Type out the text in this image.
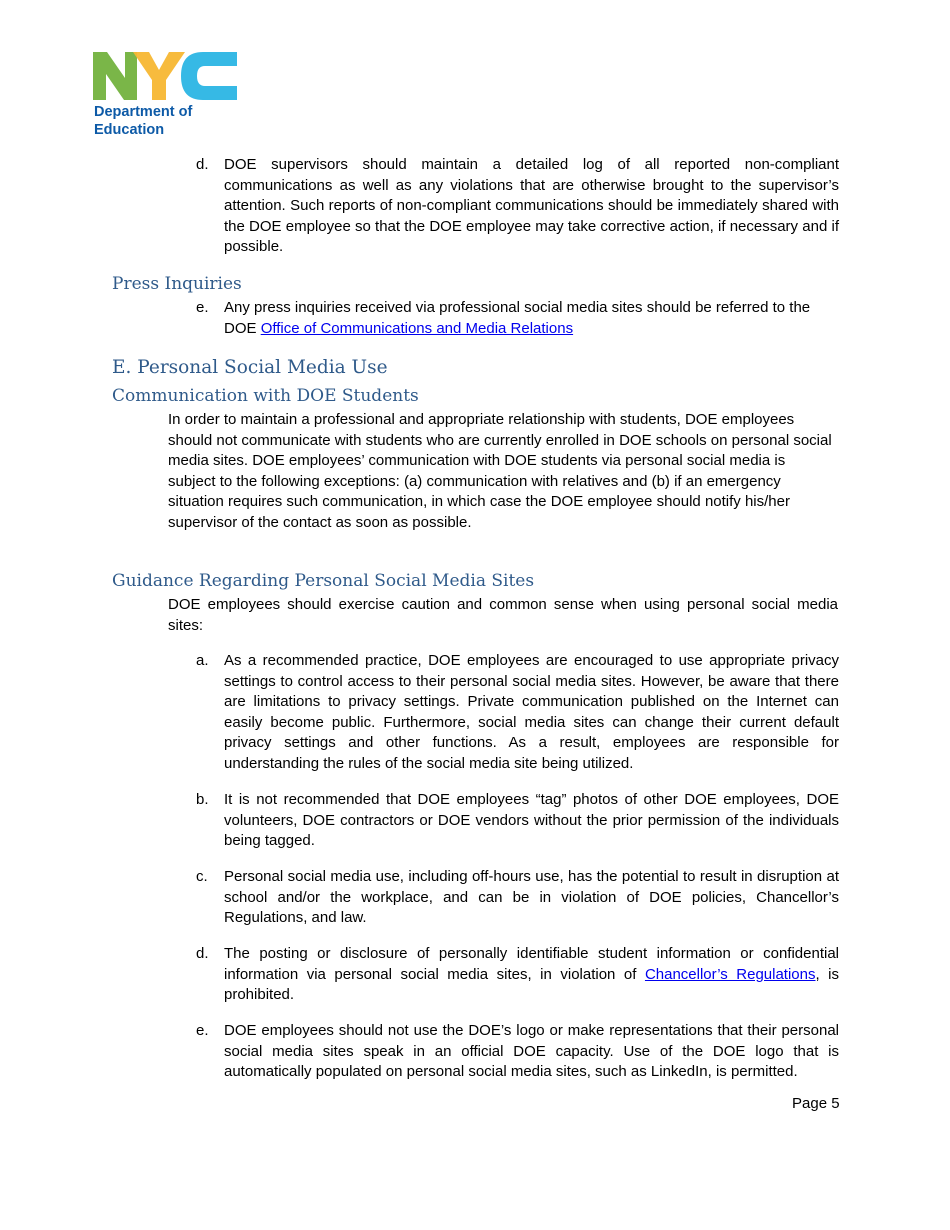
Department of
Education
d. DOE supervisors should maintain a detailed log of all reported non-compliant communications as well as any violations that are otherwise brought to the supervisor’s attention. Such reports of non-compliant communications should be immediately shared with the DOE employee so that the DOE employee may take corrective action, if necessary and if possible.
Press Inquiries
e. Any press inquiries received via professional social media sites should be referred to the DOE Office of Communications and Media Relations
E. Personal Social Media Use
Communication with DOE Students

In order to maintain a professional and appropriate relationship with students, DOE employees should not communicate with students who are currently enrolled in DOE schools on personal social media sites. DOE employees’ communication with DOE students via personal social media is subject to the following exceptions: (a) communication with relatives and (b) if an emergency situation requires such communication, in which case the DOE employee should notify his/her supervisor of the contact as soon as possible.

Guidance Regarding Personal Social Media Sites

DOE employees should exercise caution and common sense when using personal social media sites:

a. As a recommended practice, DOE employees are encouraged to use appropriate privacy settings to control access to their personal social media sites. However, be aware that there are limitations to privacy settings. Private communication published on the Internet can easily become public. Furthermore, social media sites can change their current default privacy settings and other functions. As a result, employees are responsible for understanding the rules of the social media site being utilized.
b. It is not recommended that DOE employees “tag” photos of other DOE employees, DOE volunteers, DOE contractors or DOE vendors without the prior permission of the individuals being tagged.
c. Personal social media use, including off-hours use, has the potential to result in disruption at school and/or the workplace, and can be in violation of DOE policies, Chancellor’s Regulations, and law.
d. The posting or disclosure of personally identifiable student information or confidential information via personal social media sites, in violation of Chancellor’s Regulations, is prohibited.
e. DOE employees should not use the DOE’s logo or make representations that their personal social media sites speak in an official DOE capacity. Use of the DOE logo that is automatically populated on personal social media sites, such as LinkedIn, is permitted.
Page 5
